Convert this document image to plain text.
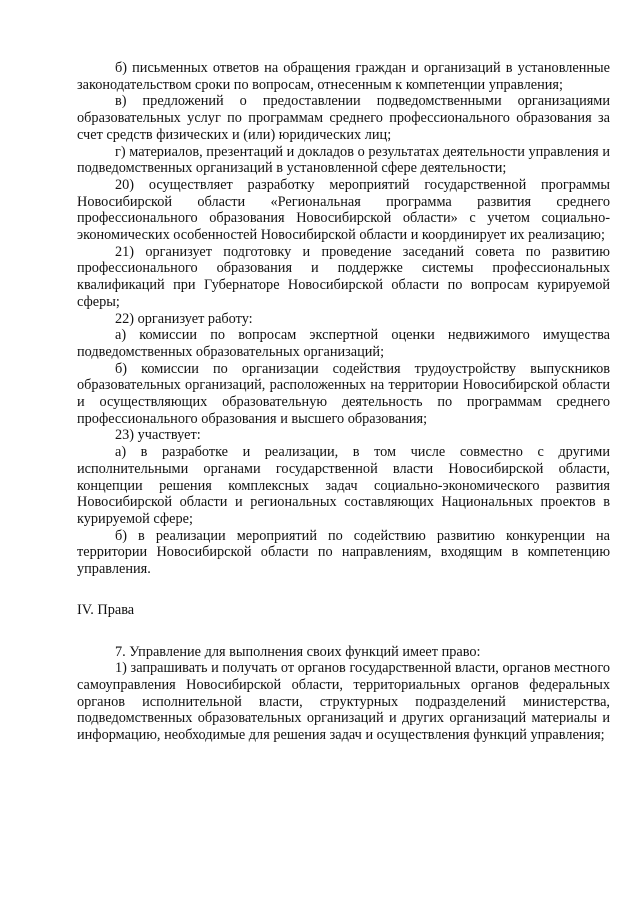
б) письменных ответов на обращения граждан и организаций в установленные законодательством сроки по вопросам, отнесенным к компетенции управления;

в) предложений о предоставлении подведомственными организациями образовательных услуг по программам среднего профессионального образования за счет средств физических и (или) юридических лиц;

г) материалов, презентаций и докладов о результатах деятельности управления и подведомственных организаций в установленной сфере деятельности;

20) осуществляет разработку мероприятий государственной программы Новосибирской области «Региональная программа развития среднего профессионального образования Новосибирской области» с учетом социально-экономических особенностей Новосибирской области и координирует их реализацию;

21) организует подготовку и проведение заседаний совета по развитию профессионального образования и поддержке системы профессиональных квалификаций при Губернаторе Новосибирской области по вопросам курируемой сферы;

22) организует работу:

а) комиссии по вопросам экспертной оценки недвижимого имущества подведомственных образовательных организаций;

б) комиссии по организации содействия трудоустройству выпускников образовательных организаций, расположенных на территории Новосибирской области и осуществляющих образовательную деятельность по программам среднего профессионального образования и высшего образования;

23) участвует:

а) в разработке и реализации, в том числе совместно с другими исполнительными органами государственной власти Новосибирской области, концепции решения комплексных задач социально-экономического развития Новосибирской области и региональных составляющих Национальных проектов в курируемой сфере;

б) в реализации мероприятий по содействию развитию конкуренции на территории Новосибирской области по направлениям, входящим в компетенцию управления.

IV. Права

7. Управление для выполнения своих функций имеет право:

1) запрашивать и получать от органов государственной власти, органов местного самоуправления Новосибирской области, территориальных органов федеральных органов исполнительной власти, структурных подразделений министерства, подведомственных образовательных организаций и других организаций материалы и информацию, необходимые для решения задач и осуществления функций управления;
